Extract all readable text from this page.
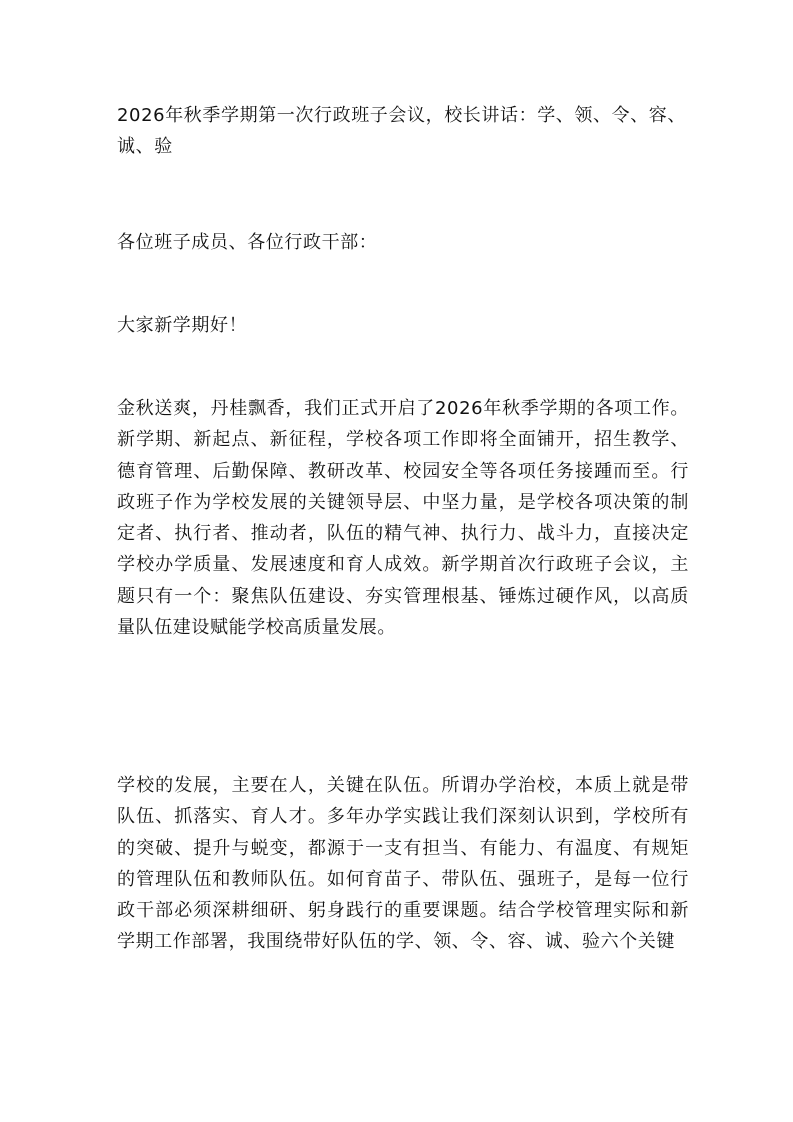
2026年秋季学期第一次行政班子会议，校长讲话：学、领、令、容、诚、验

各位班子成员、各位行政干部：

大家新学期好！

金秋送爽，丹桂飘香，我们正式开启了2026年秋季学期的各项工作。新学期、新起点、新征程，学校各项工作即将全面铺开，招生教学、德育管理、后勤保障、教研改革、校园安全等各项任务接踵而至。行政班子作为学校发展的关键领导层、中坚力量，是学校各项决策的制定者、执行者、推动者，队伍的精气神、执行力、战斗力，直接决定学校办学质量、发展速度和育人成效。新学期首次行政班子会议，主题只有一个：聚焦队伍建设、夯实管理根基、锤炼过硬作风，以高质量队伍建设赋能学校高质量发展。

学校的发展，主要在人，关键在队伍。所谓办学治校，本质上就是带队伍、抓落实、育人才。多年办学实践让我们深刻认识到，学校所有的突破、提升与蜕变，都源于一支有担当、有能力、有温度、有规矩的管理队伍和教师队伍。如何育苗子、带队伍、强班子，是每一位行政干部必须深耕细研、躬身践行的重要课题。结合学校管理实际和新学期工作部署，我围绕带好队伍的学、领、令、容、诚、验六个关键
